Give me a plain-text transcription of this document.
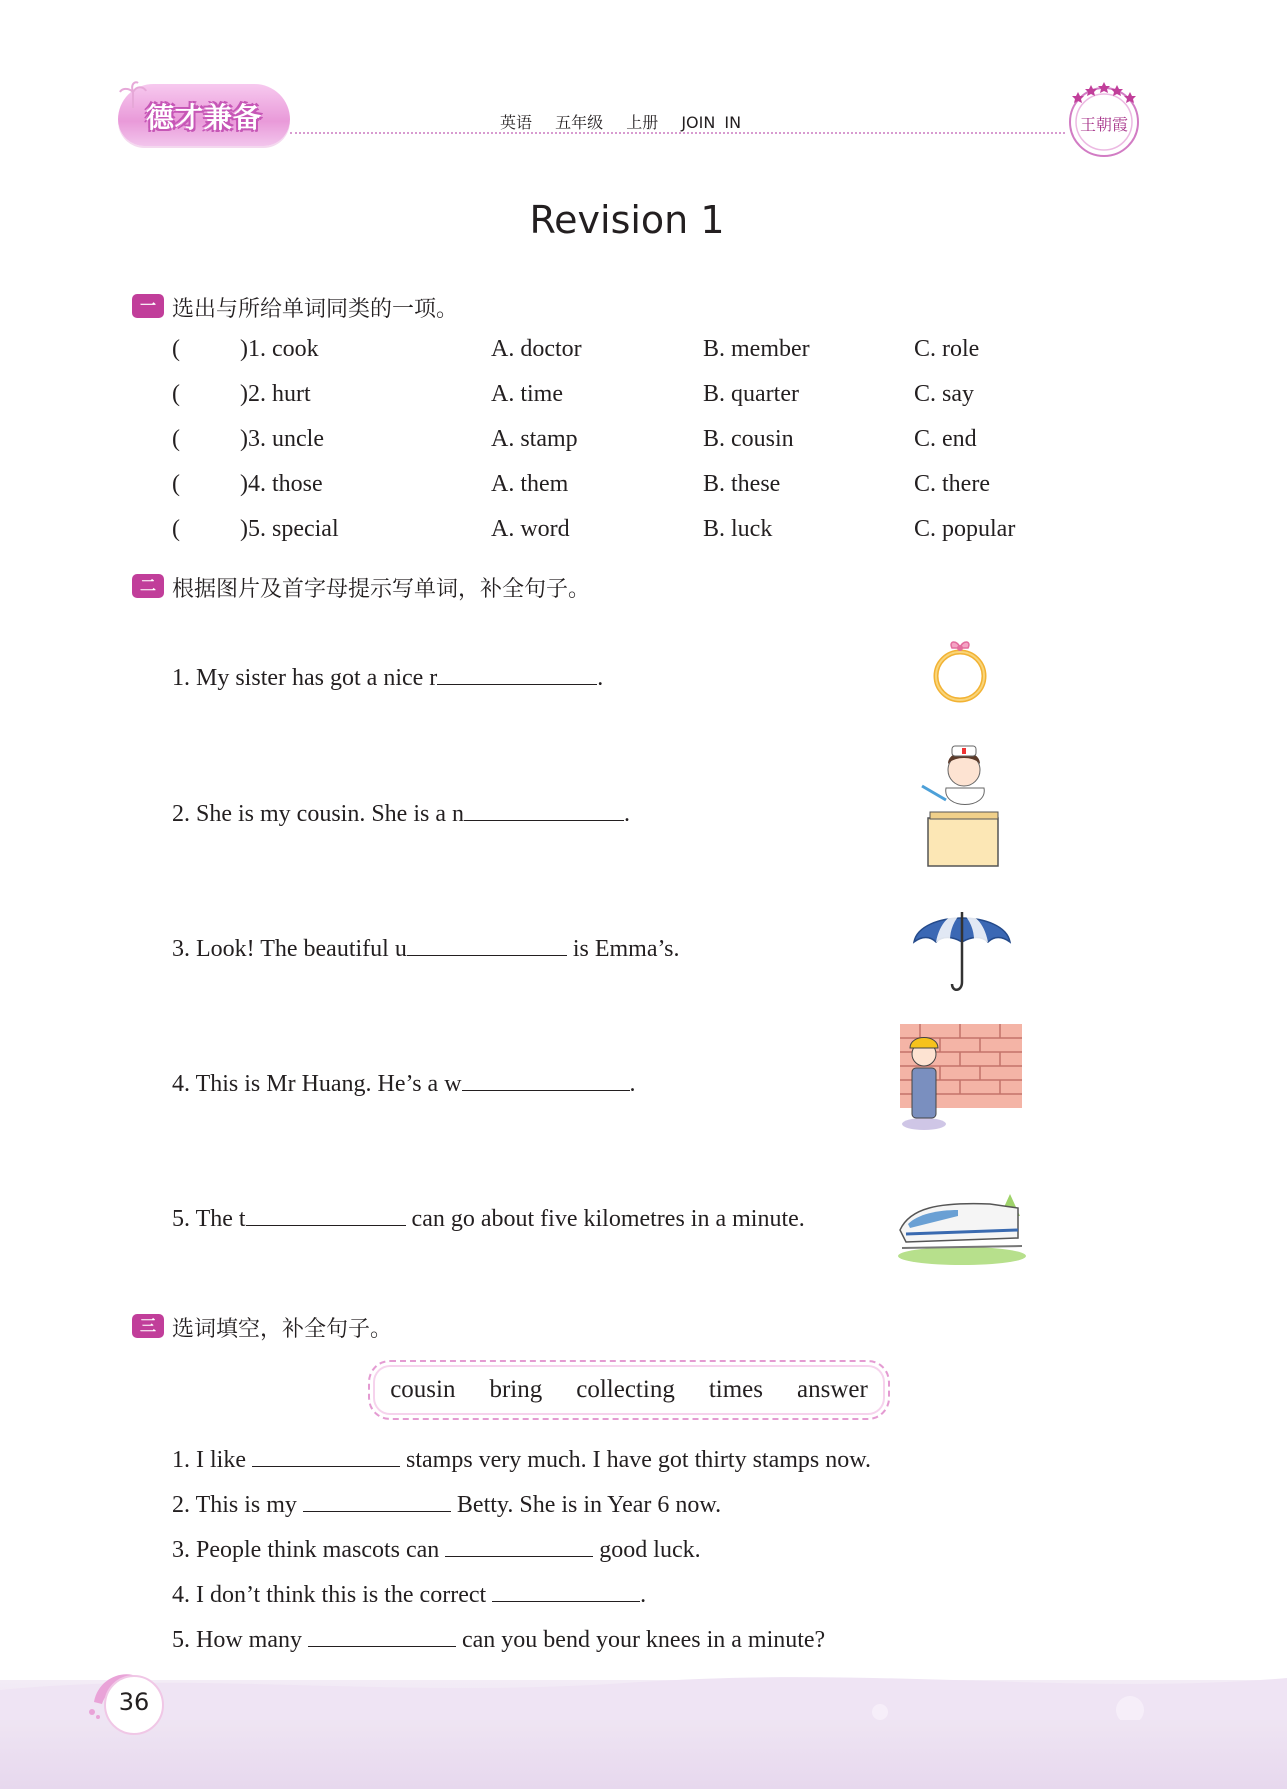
德才兼备	英语 五年级 上册 JOIN IN	王朝霞
Revision 1
一 选出与所给单词同类的一项。
(	)1. cook	A. doctor	B. member	C. role
(	)2. hurt	A. time	B. quarter	C. say
(	)3. uncle	A. stamp	B. cousin	C. end
(	)4. those	A. them	B. these	C. there
(	)5. special	A. word	B. luck	C. popular
二 根据图片及首字母提示写单词，补全句子。
1. My sister has got a nice r	.
2. She is my cousin. She is a n	.
3. Look! The beautiful u	is Emma’s.
4. This is Mr Huang. He’s a w	.
5. The t	can go about five kilometres in a minute.
三 选词填空，补全句子。
cousin bring collecting times answer
1. I like	stamps very much. I have got thirty stamps now.
2. This is my	Betty. She is in Year 6 now.
3. People think mascots can	good luck.
4. I don’t think this is the correct	.
5. How many	can you bend your knees in a minute?
36
